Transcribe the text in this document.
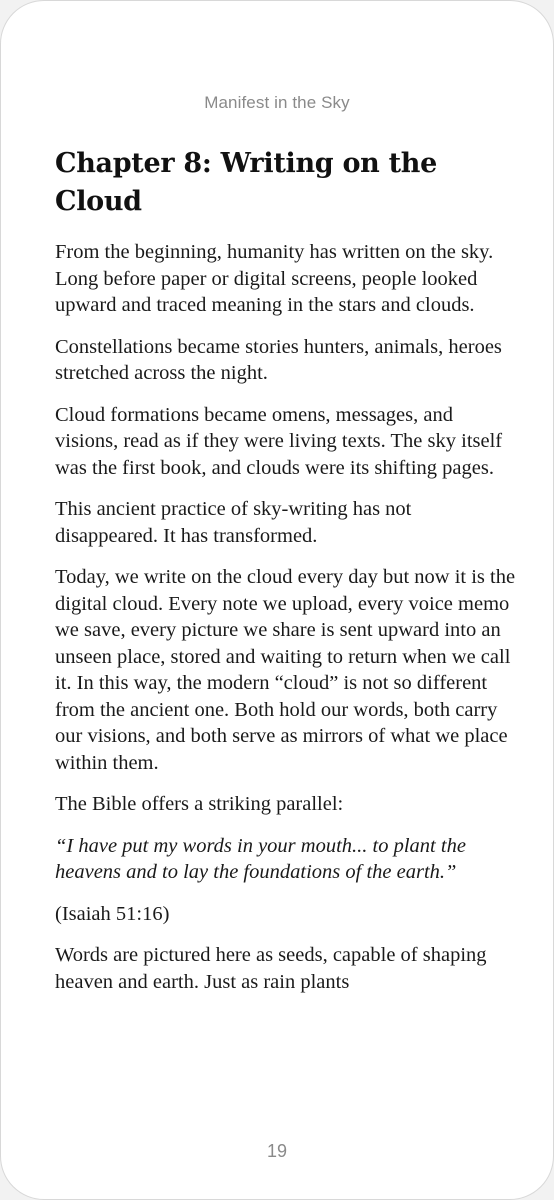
Manifest in the Sky
Chapter 8: Writing on the
Cloud

From the beginning, humanity has written on the sky. Long before paper or digital screens, people looked upward and traced meaning in the stars and clouds.

Constellations became stories hunters, animals, heroes stretched across the night.

Cloud formations became omens, messages, and visions, read as if they were living texts. The sky itself was the first book, and clouds were its shifting pages.

This ancient practice of sky-writing has not disappeared. It has transformed.

Today, we write on the cloud every day but now it is the digital cloud. Every note we upload, every voice memo we save, every picture we share is sent upward into an unseen place, stored and waiting to return when we call it. In this way, the modern “cloud” is not so different from the ancient one. Both hold our words, both carry our visions, and both serve as mirrors of what we place within them.

The Bible offers a striking parallel:

“I have put my words in your mouth... to plant the heavens and to lay the foundations of the earth.”

(Isaiah 51:16)

Words are pictured here as seeds, capable of shaping heaven and earth. Just as rain plants

19
